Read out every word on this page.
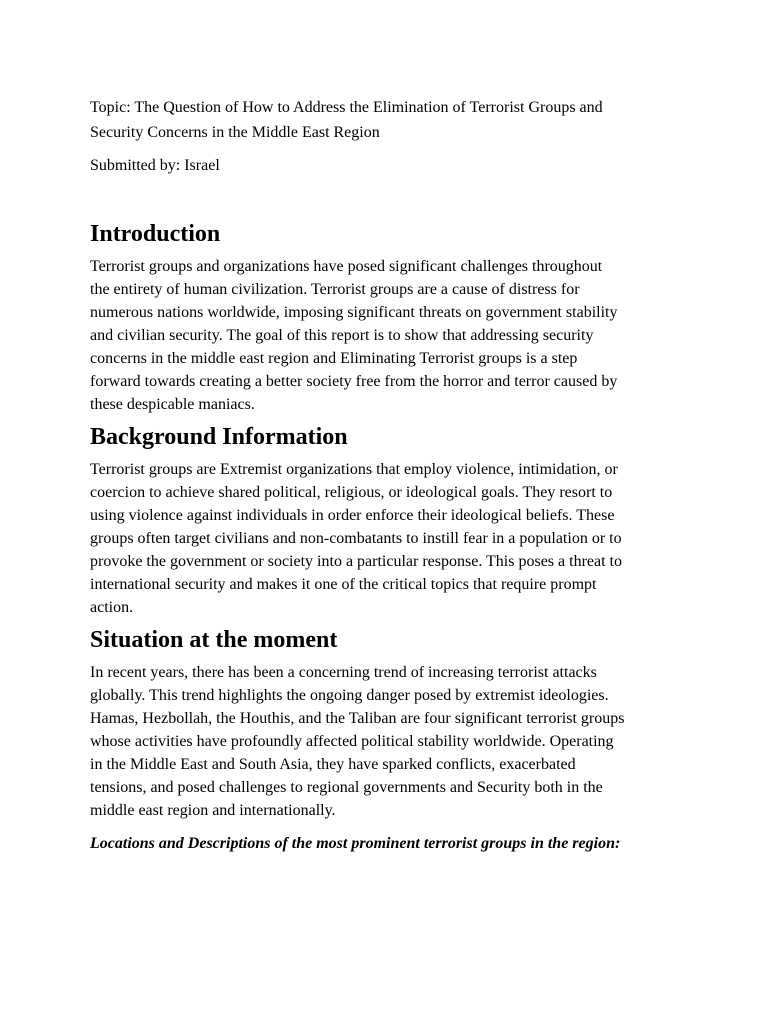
Topic: The Question of How to Address the Elimination of Terrorist Groups and
Security Concerns in the Middle East Region

Submitted by: Israel

Introduction

Terrorist groups and organizations have posed significant challenges throughout
the entirety of human civilization. Terrorist groups are a cause of distress for
numerous nations worldwide, imposing significant threats on government stability
and civilian security. The goal of this report is to show that addressing security
concerns in the middle east region and Eliminating Terrorist groups is a step
forward towards creating a better society free from the horror and terror caused by
these despicable maniacs.

Background Information

Terrorist groups are Extremist organizations that employ violence, intimidation, or
coercion to achieve shared political, religious, or ideological goals. They resort to
using violence against individuals in order enforce their ideological beliefs. These
groups often target civilians and non-combatants to instill fear in a population or to
provoke the government or society into a particular response. This poses a threat to
international security and makes it one of the critical topics that require prompt
action.

Situation at the moment

In recent years, there has been a concerning trend of increasing terrorist attacks
globally. This trend highlights the ongoing danger posed by extremist ideologies.
Hamas, Hezbollah, the Houthis, and the Taliban are four significant terrorist groups
whose activities have profoundly affected political stability worldwide. Operating
in the Middle East and South Asia, they have sparked conflicts, exacerbated
tensions, and posed challenges to regional governments and Security both in the
middle east region and internationally.

Locations and Descriptions of the most prominent terrorist groups in the region:
